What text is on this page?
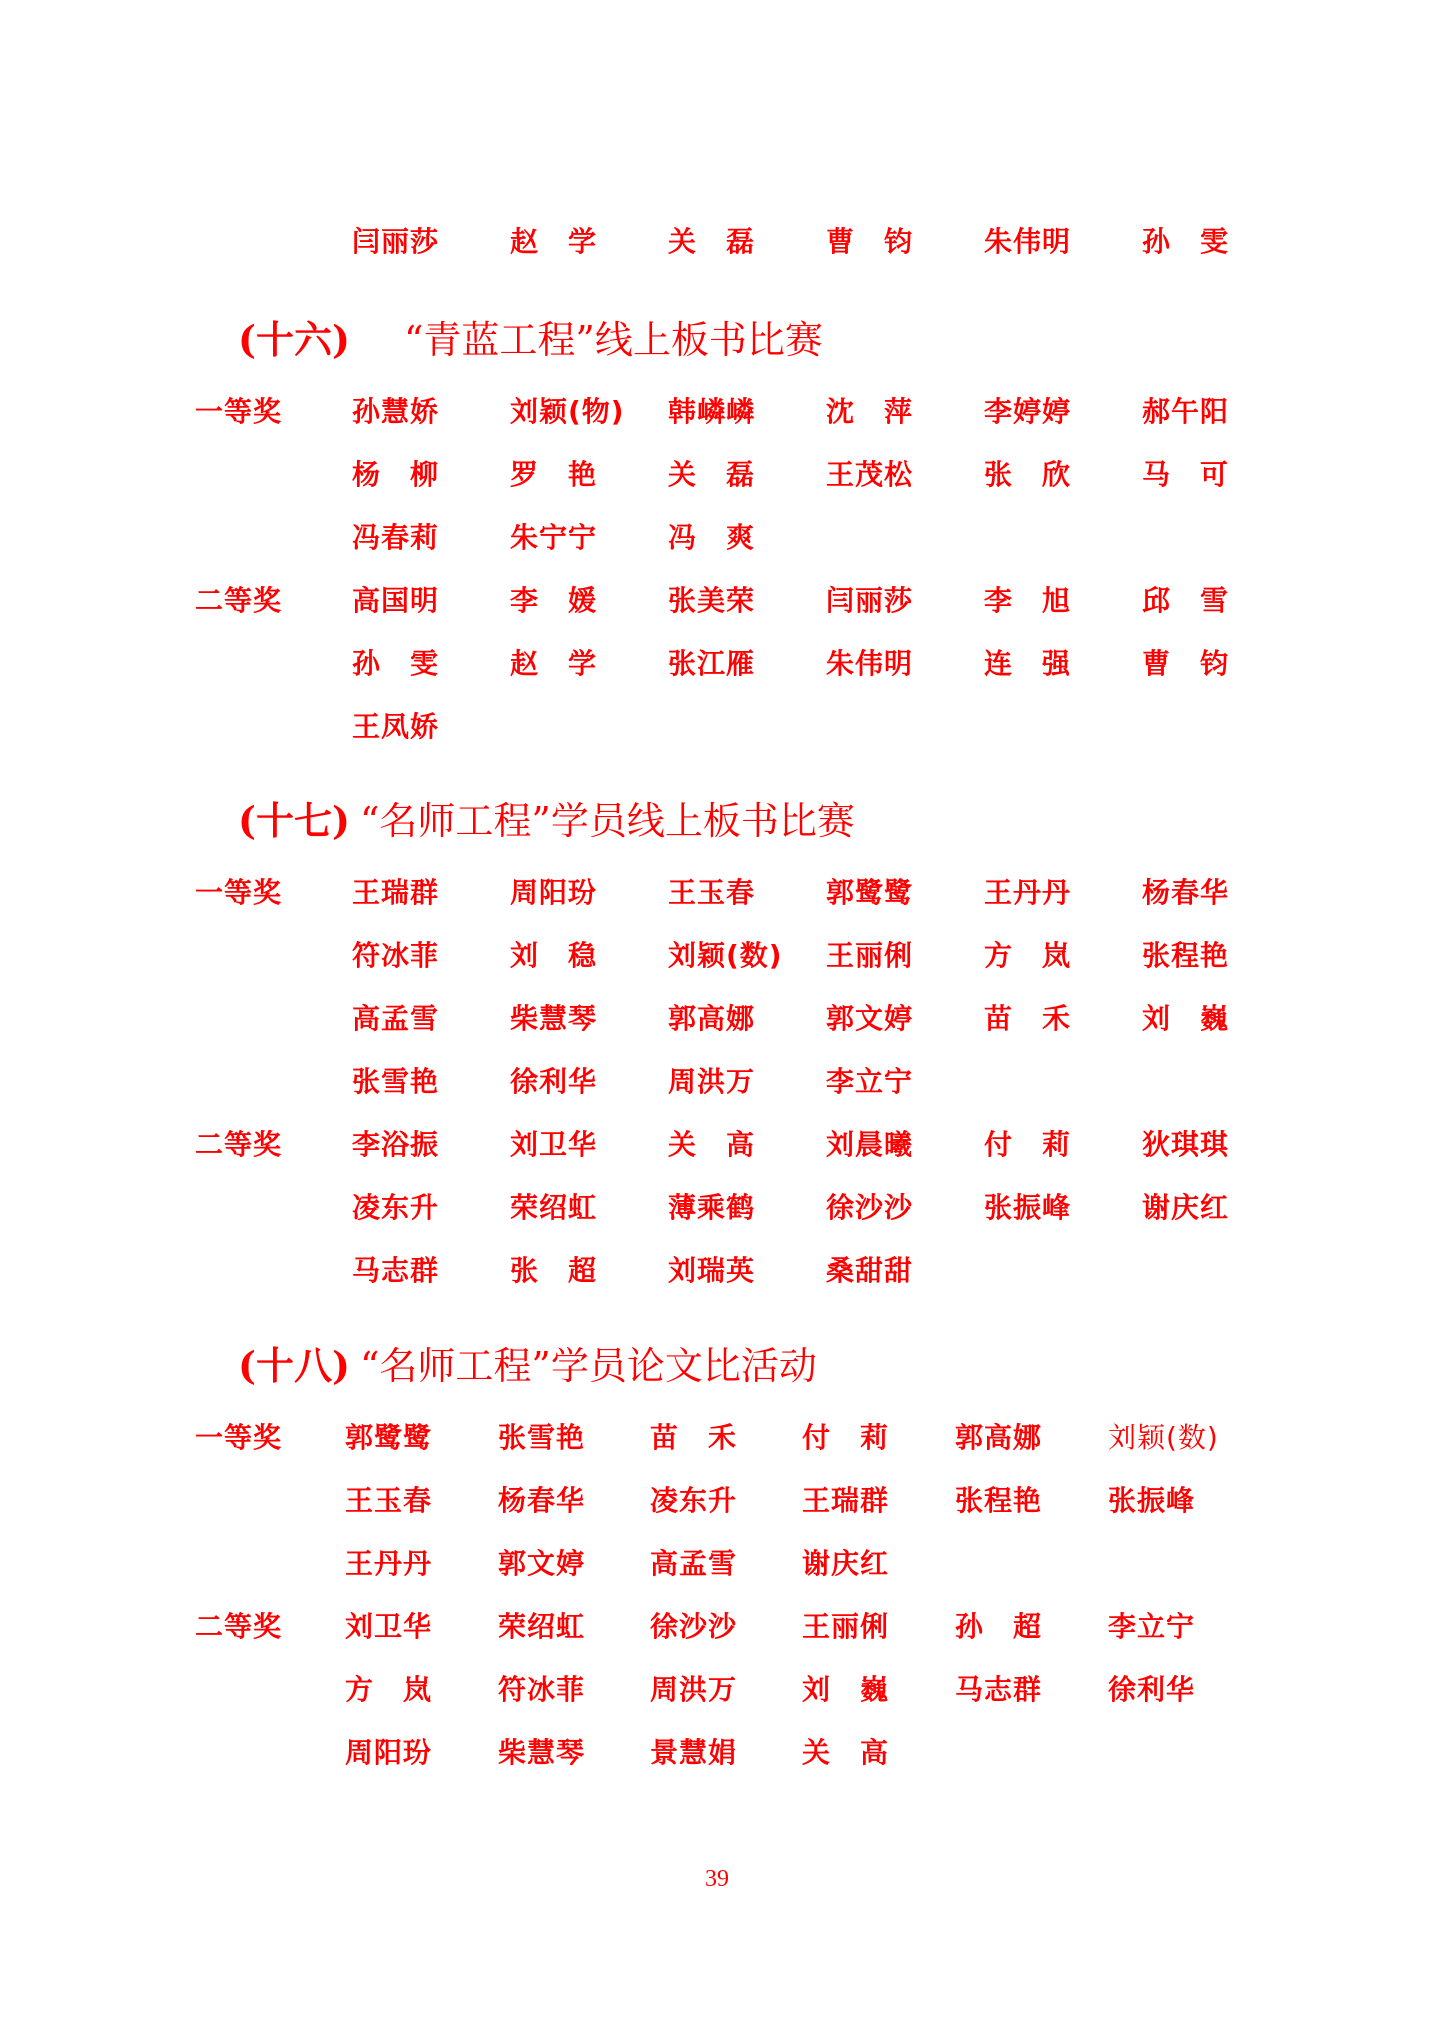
闫丽莎	赵　学	关　磊	曹　钧	朱伟明	孙　雯
(十六) “青蓝工程”线上板书比赛
一等奖 孙慧娇	刘颖(物) 韩嶙嶙	沈　萍	李婷婷	郝午阳
杨　柳	罗　艳	关　磊	王茂松	张　欣	马　可
冯春莉	朱宁宁	冯　爽
二等奖 高国明	李　媛	张美荣	闫丽莎	李　旭	邱　雪
孙　雯	赵　学	张江雁	朱伟明	连　强	曹　钧
王凤娇
(十七) “名师工程”学员线上板书比赛
一等奖 王瑞群	周阳玢	王玉春	郭鹭鹭	王丹丹	杨春华
符冰菲	刘　稳	刘颖(数) 王丽俐	方　岚	张程艳
高孟雪	柴慧琴	郭高娜	郭文婷	苗　禾	刘　巍
张雪艳	徐利华	周洪万	李立宁
二等奖 李浴振	刘卫华	关　高	刘晨曦	付　莉	狄琪琪
凌东升	荣绍虹	薄乘鹤	徐沙沙	张振峰	谢庆红
马志群	张　超	刘瑞英	桑甜甜
(十八) “名师工程”学员论文比活动
一等奖 郭鹭鹭 张雪艳 苗　禾 付　莉 郭高娜 刘颖(数)
王玉春 杨春华 凌东升 王瑞群 张程艳 张振峰
王丹丹 郭文婷 高孟雪 谢庆红
二等奖 刘卫华 荣绍虹 徐沙沙 王丽俐 孙　超 李立宁
方　岚 符冰菲 周洪万 刘　巍 马志群 徐利华
周阳玢 柴慧琴 景慧娟 关　高
39
